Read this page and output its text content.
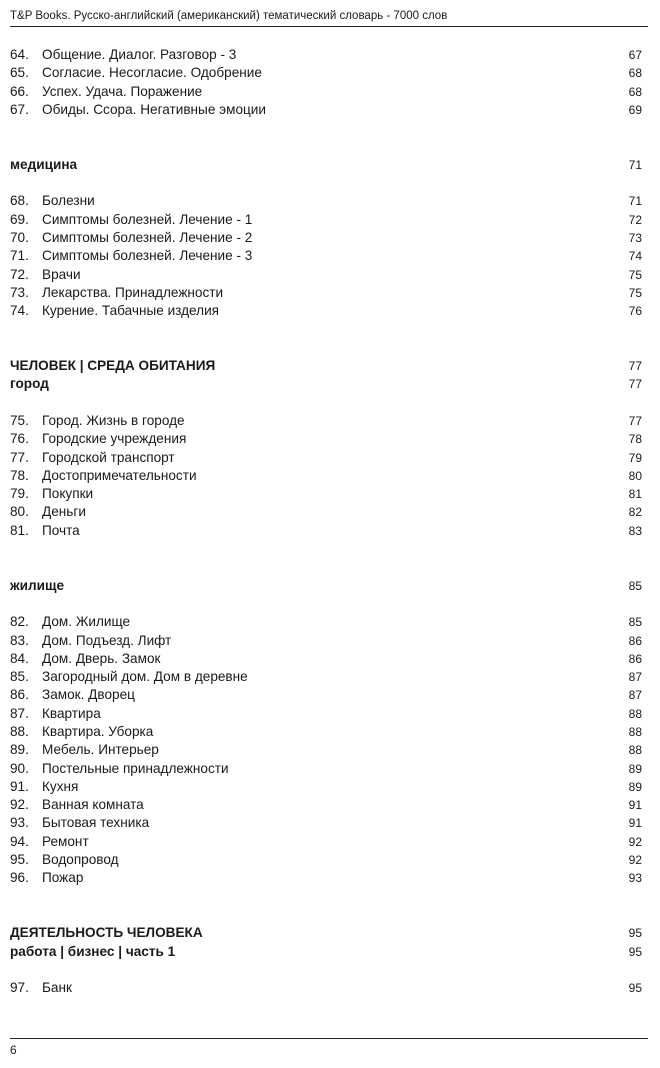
T&P Books. Русско-английский (американский) тематический словарь - 7000 слов
64. Общение. Диалог. Разговор - 3	67
65. Согласие. Несогласие. Одобрение	68
66. Успех. Удача. Поражение	68
67. Обиды. Ссора. Негативные эмоции	69
медицина	71
68. Болезни	71
69. Симптомы болезней. Лечение - 1	72
70. Симптомы болезней. Лечение - 2	73
71. Симптомы болезней. Лечение - 3	74
72. Врачи	75
73. Лекарства. Принадлежности	75
74. Курение. Табачные изделия	76
ЧЕЛОВЕК | СРЕДА ОБИТАНИЯ	77
город	77
75. Город. Жизнь в городе	77
76. Городские учреждения	78
77. Городской транспорт	79
78. Достопримечательности	80
79. Покупки	81
80. Деньги	82
81. Почта	83
жилище	85
82. Дом. Жилище	85
83. Дом. Подъезд. Лифт	86
84. Дом. Дверь. Замок	86
85. Загородный дом. Дом в деревне	87
86. Замок. Дворец	87
87. Квартира	88
88. Квартира. Уборка	88
89. Мебель. Интерьер	88
90. Постельные принадлежности	89
91. Кухня	89
92. Ванная комната	91
93. Бытовая техника	91
94. Ремонт	92
95. Водопровод	92
96. Пожар	93
ДЕЯТЕЛЬНОСТЬ ЧЕЛОВЕКА	95
работа | бизнес | часть 1	95
97. Банк	95
6
